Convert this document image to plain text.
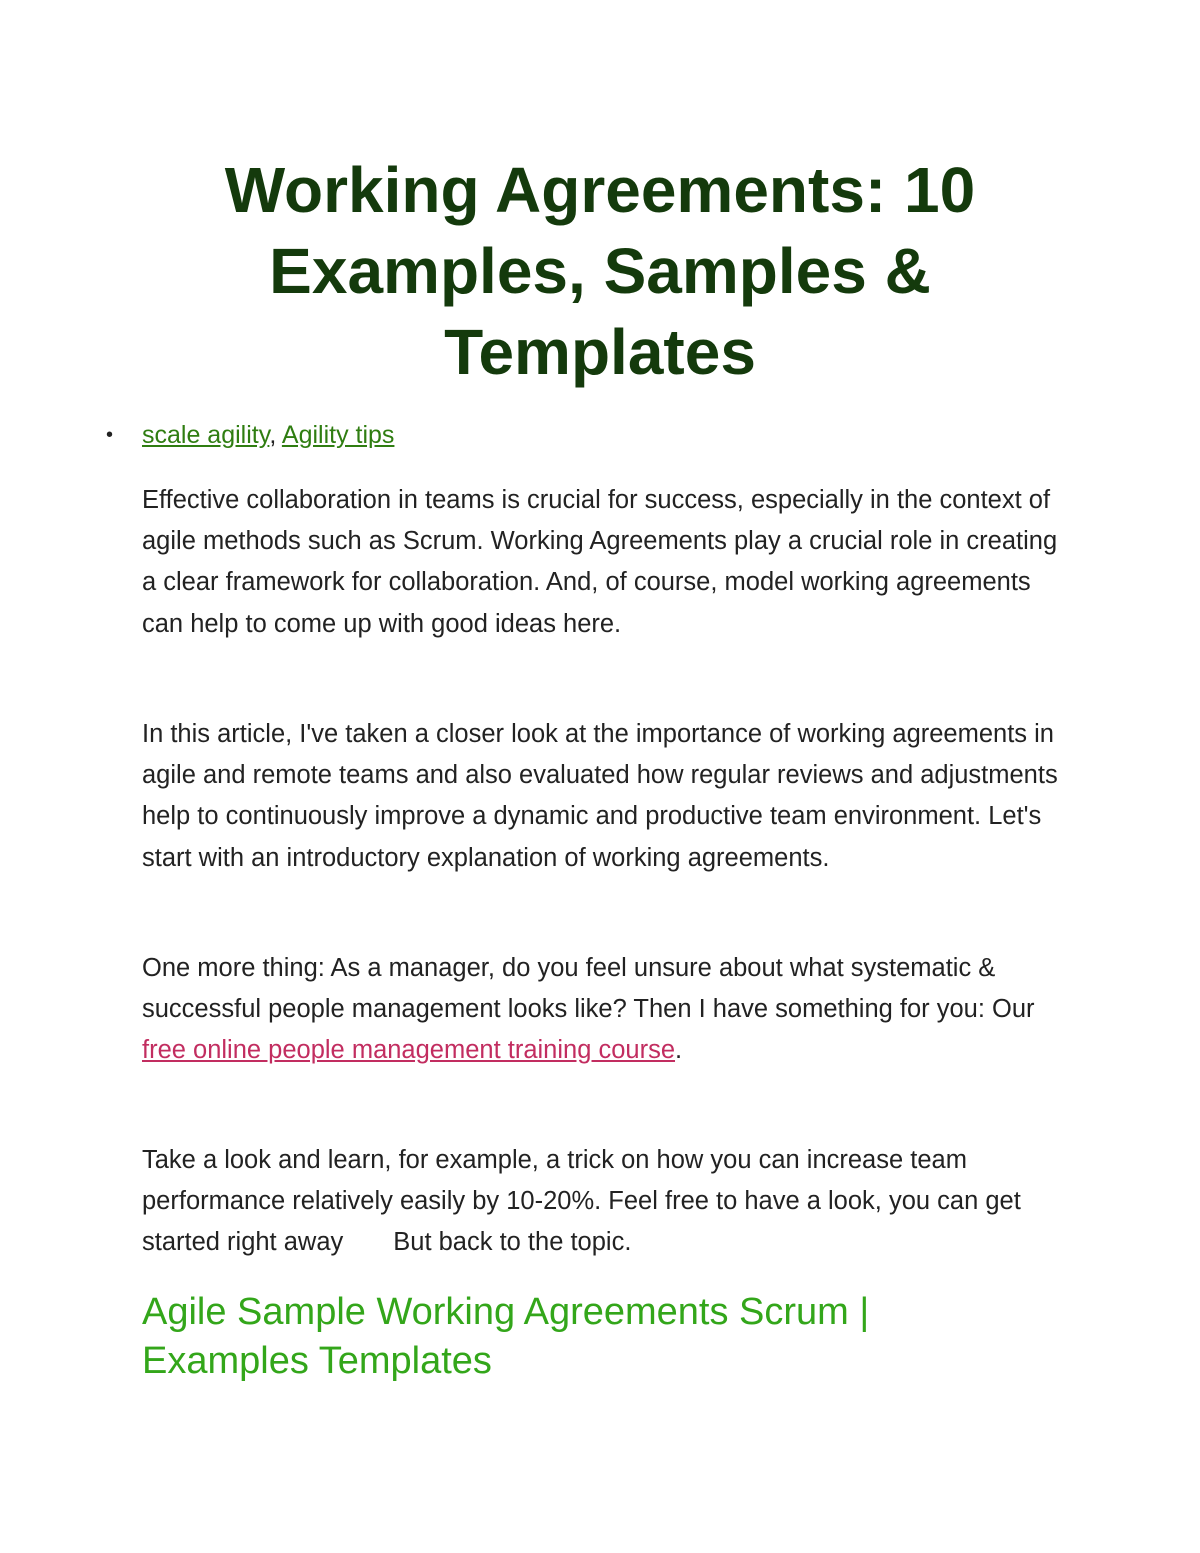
Working Agreements: 10
Examples, Samples &
Templates
• scale agility, Agility tips

Effective collaboration in teams is crucial for success, especially in the context of agile methods such as Scrum. Working Agreements play a crucial role in creating a clear framework for collaboration. And, of course, model working agreements can help to come up with good ideas here.

In this article, I've taken a closer look at the importance of working agreements in agile and remote teams and also evaluated how regular reviews and adjustments help to continuously improve a dynamic and productive team environment. Let's start with an introductory explanation of working agreements.

One more thing: As a manager, do you feel unsure about what systematic & successful people management looks like? Then I have something for you: Our free online people management training course.

Take a look and learn, for example, a trick on how you can increase team performance relatively easily by 10-20%. Feel free to have a look, you can get started right away But back to the topic.

Agile Sample Working Agreements Scrum |
Examples Templates
